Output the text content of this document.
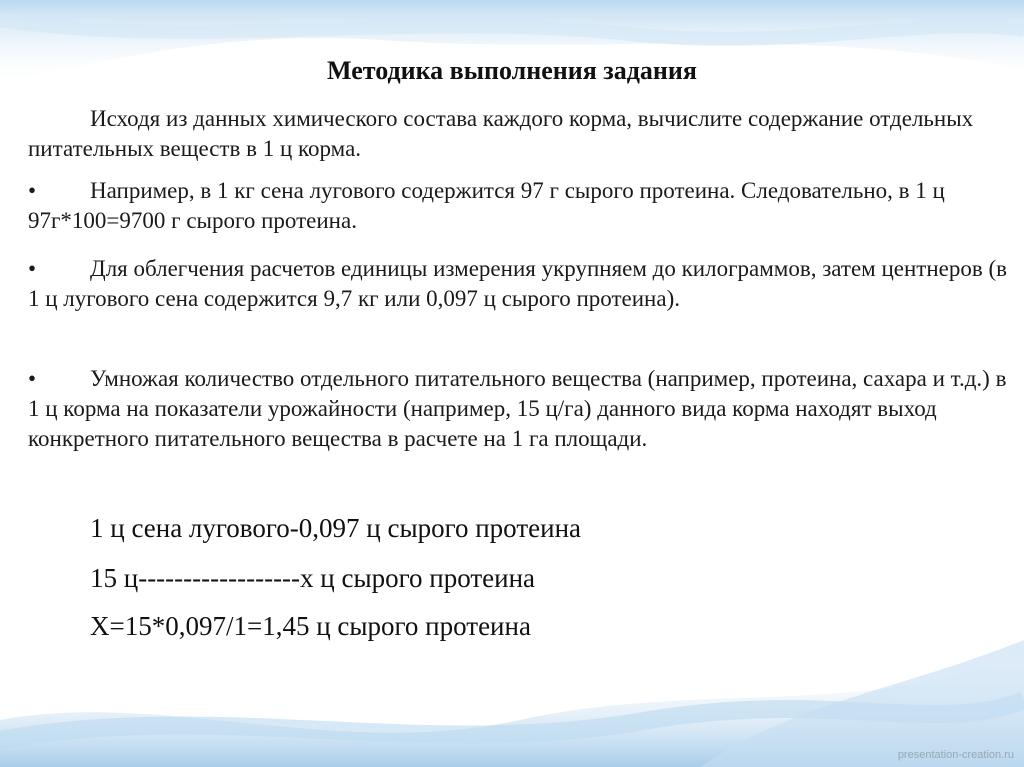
Методика выполнения задания
Исходя из данных химического состава каждого корма, вычислите содержание отдельных питательных веществ в 1 ц корма.
• Например, в 1 кг сена лугового содержится 97 г сырого протеина. Следовательно, в 1 ц 97г*100=9700 г сырого протеина.
• Для облегчения расчетов единицы измерения укрупняем до килограммов, затем центнеров (в 1 ц лугового сена содержится 9,7 кг или 0,097 ц сырого протеина).
• Умножая количество отдельного питательного вещества (например, протеина, сахара и т.д.) в 1 ц корма на показатели урожайности (например, 15 ц/га) данного вида корма находят выход конкретного питательного вещества в расчете на 1 га площади.
1 ц сена лугового-0,097 ц сырого протеина
15 ц------------------х ц сырого протеина
Х=15*0,097/1=1,45 ц сырого протеина
presentation-creation.ru
